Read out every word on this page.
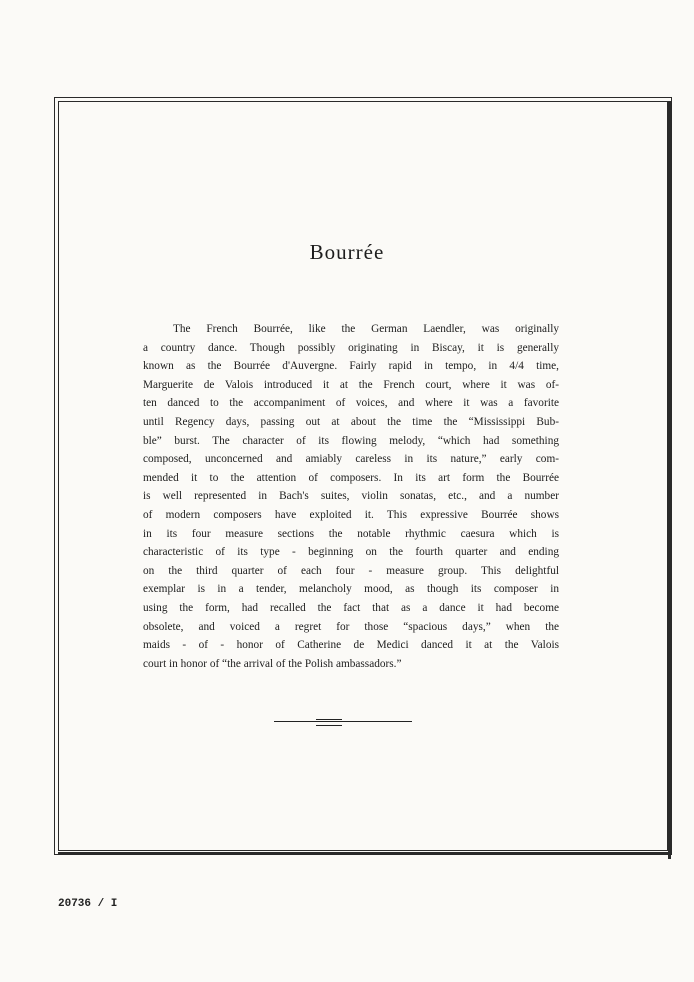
Bourrée

The French Bourrée, like the German Laendler, was originally
a country dance. Though possibly originating in Biscay, it is generally
known as the Bourrée d'Auvergne. Fairly rapid in tempo, in 4/4 time,
Marguerite de Valois introduced it at the French court, where it was of-
ten danced to the accompaniment of voices, and where it was a favorite
until Regency days, passing out at about the time the “Mississippi Bub-
ble” burst. The character of its flowing melody, “which had something
composed, unconcerned and amiably careless in its nature,” early com-
mended it to the attention of composers. In its art form the Bourrée
is well represented in Bach's suites, violin sonatas, etc., and a number
of modern composers have exploited it. This expressive Bourrée shows
in its four measure sections the notable rhythmic caesura which is
characteristic of its type - beginning on the fourth quarter and ending
on the third quarter of each four - measure group. This delightful
exemplar is in a tender, melancholy mood, as though its composer in
using the form, had recalled the fact that as a dance it had become
obsolete, and voiced a regret for those “spacious days,” when the
maids - of - honor of Catherine de Medici danced it at the Valois
court in honor of “the arrival of the Polish ambassadors.”

20736 / I
